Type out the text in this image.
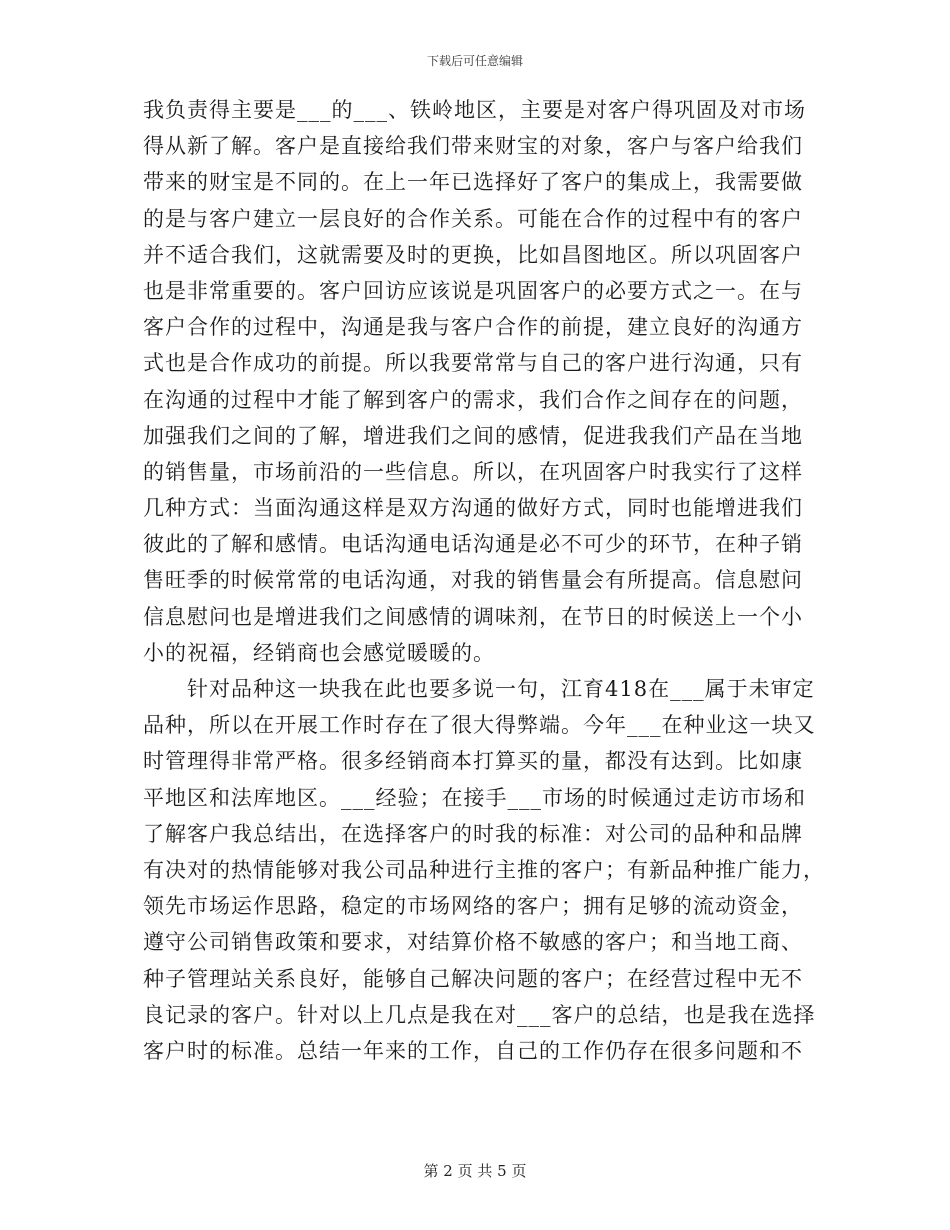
下载后可任意编辑
我负责得主要是___的___、铁岭地区，主要是对客户得巩固及对市场
得从新了解。客户是直接给我们带来财宝的对象，客户与客户给我们
带来的财宝是不同的。在上一年已选择好了客户的集成上，我需要做
的是与客户建立一层良好的合作关系。可能在合作的过程中有的客户
并不适合我们，这就需要及时的更换，比如昌图地区。所以巩固客户
也是非常重要的。客户回访应该说是巩固客户的必要方式之一。在与
客户合作的过程中，沟通是我与客户合作的前提，建立良好的沟通方
式也是合作成功的前提。所以我要常常与自己的客户进行沟通，只有
在沟通的过程中才能了解到客户的需求，我们合作之间存在的问题，
加强我们之间的了解，增进我们之间的感情，促进我我们产品在当地
的销售量，市场前沿的一些信息。所以，在巩固客户时我实行了这样
几种方式：当面沟通这样是双方沟通的做好方式，同时也能增进我们
彼此的了解和感情。电话沟通电话沟通是必不可少的环节，在种子销
售旺季的时候常常的电话沟通，对我的销售量会有所提高。信息慰问
信息慰问也是增进我们之间感情的调味剂，在节日的时候送上一个小
小的祝福，经销商也会感觉暖暖的。
　　针对品种这一块我在此也要多说一句，江育418在___属于未审定
品种，所以在开展工作时存在了很大得弊端。今年___在种业这一块又
时管理得非常严格。很多经销商本打算买的量，都没有达到。比如康
平地区和法库地区。___经验；在接手___市场的时候通过走访市场和
了解客户我总结出，在选择客户的时我的标准：对公司的品种和品牌
有决对的热情能够对我公司品种进行主推的客户；有新品种推广能力，
领先市场运作思路，稳定的市场网络的客户；拥有足够的流动资金，
遵守公司销售政策和要求，对结算价格不敏感的客户；和当地工商、
种子管理站关系良好，能够自己解决问题的客户；在经营过程中无不
良记录的客户。针对以上几点是我在对___客户的总结，也是我在选择
客户时的标准。总结一年来的工作，自己的工作仍存在很多问题和不
第 2 页 共 5 页
